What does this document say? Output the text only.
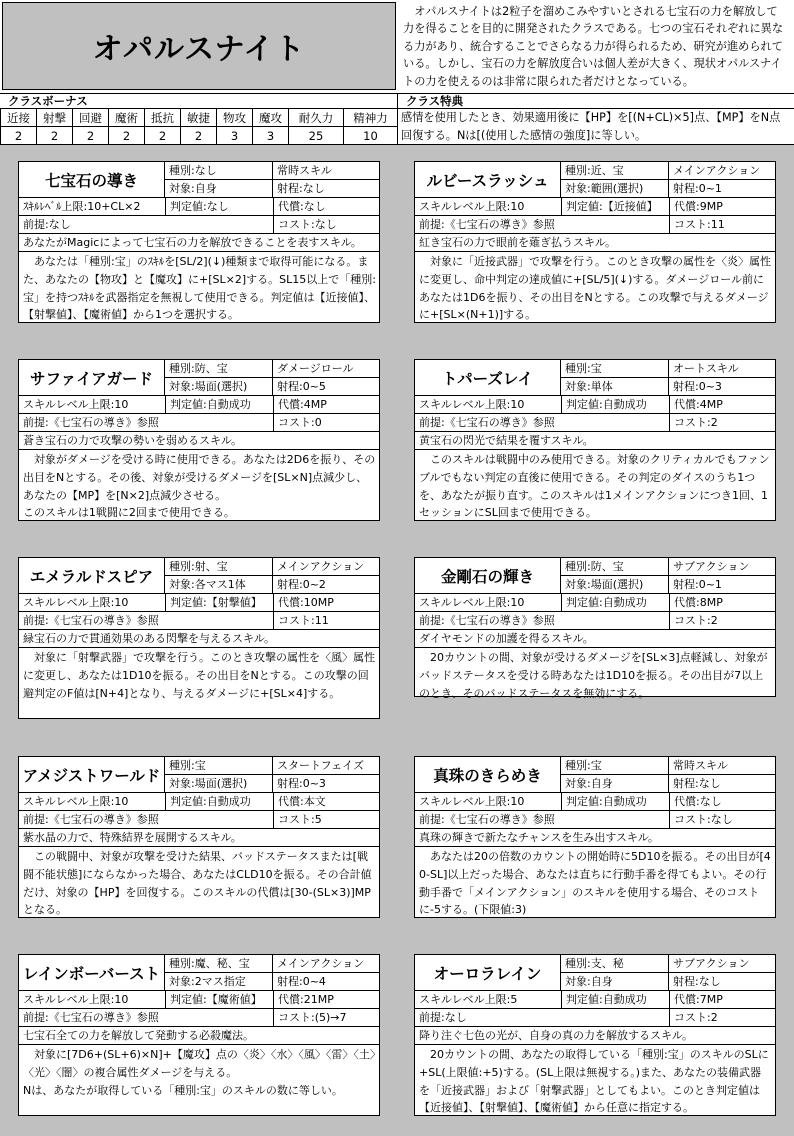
オパルスナイト
　オパルスナイトは2粒子を溜めこみやすいとされる七宝石の力を解放して力を得ることを目的に開発されたクラスである。七つの宝石それぞれに異なる力があり、統合することでさらなる力が得られるため、研究が進められている。しかし、宝石の力を解放度合いは個人差が大きく、現状オパルスナイトの力を使えるのは非常に限られた者だけとなっている。
クラスボーナス	クラス特典
近接	射撃	回避	魔術	抵抗	敏捷	物攻	魔攻	耐久力	精神力
2	2	2	2	2	2	3	3	25	10
感情を使用したとき、効果適用後に【HP】を[(N+CL)×5]点、【MP】をN点回復する。Nは[(使用した感情の強度]に等しい。
七宝石の導き
種別:なし	常時スキル
対象:自身	射程:なし
ｽｷﾙﾚﾍﾞﾙ上限:10+CL×2	判定値:なし	代償:なし
前提:なし	コスト:なし
あなたがMagicによって七宝石の力を解放できることを表すスキル。
　あなたは「種別:宝」のｽｷﾙを[SL/2](↓)種類まで取得可能になる。また、あなたの【物攻】と【魔攻】に+[SL×2]する。SL15以上で「種別:宝」を持つｽｷﾙを武器指定を無視して使用できる。判定値は【近接値】、【射撃値】、【魔術値】から1つを選択する。
ルビースラッシュ
種別:近、宝	メインアクション
対象:範囲(選択)	射程:0~1
スキルレベル上限:10	判定値:【近接値】	代償:9MP
前提:《七宝石の導き》参照	コスト:11
紅き宝石の力で眼前を薙ぎ払うスキル。
　対象に「近接武器」で攻撃を行う。このとき攻撃の属性を〈炎〉属性に変更し、命中判定の達成値に+[SL/5](↓)する。ダメージロール前にあなたは1D6を振り、その出目をNとする。この攻撃で与えるダメージに+[SL×(N+1)]する。
サファイアガード
種別:防、宝	ダメージロール
対象:場面(選択)	射程:0~5
スキルレベル上限:10	判定値:自動成功	代償:4MP
前提:《七宝石の導き》参照	コスト:0
蒼き宝石の力で攻撃の勢いを弱めるスキル。
　対象がダメージを受ける時に使用できる。あなたは2D6を振り、その出目をNとする。その後、対象が受けるダメージを[SL×N]点減少し、あなたの【MP】を[N×2]点減少させる。
このスキルは1戦闘に2回まで使用できる。
トパーズレイ
種別:宝	オートスキル
対象:単体	射程:0~3
スキルレベル上限:10	判定値:自動成功	代償:4MP
前提:《七宝石の導き》参照	コスト:2
黄宝石の閃光で結果を覆すスキル。
　このスキルは戦闘中のみ使用できる。対象のクリティカルでもファンブルでもない判定の直後に使用できる。その判定のダイスのうち1つを、あなたが振り直す。このスキルは1メインアクションにつき1回、1セッションにSL回まで使用できる。
エメラルドスピア
種別:射、宝	メインアクション
対象:各マス1体	射程:0~2
スキルレベル上限:10	判定値:【射撃値】	代償:10MP
前提:《七宝石の導き》参照	コスト:11
緑宝石の力で貫通効果のある閃撃を与えるスキル。
　対象に「射撃武器」で攻撃を行う。このとき攻撃の属性を〈風〉属性に変更し、あなたは1D10を振る。その出目をNとする。この攻撃の回避判定のF値は[N+4]となり、与えるダメージに+[SL×4]する。
金剛石の輝き
種別:防、宝	サブアクション
対象:場面(選択)	射程:0~1
スキルレベル上限:10	判定値:自動成功	代償:8MP
前提:《七宝石の導き》参照	コスト:2
ダイヤモンドの加護を得るスキル。
　20カウントの間、対象が受けるダメージを[SL×3]点軽減し、対象がバッドステータスを受ける時あなたは1D10を振る。その出目が7以上のとき、そのバッドステータスを無効にする。
アメジストワールド
種別:宝	スタートフェイズ
対象:場面(選択)	射程:0~3
スキルレベル上限:10	判定値:自動成功	代償:本文
前提:《七宝石の導き》参照	コスト:5
紫水晶の力で、特殊結界を展開するスキル。
　この戦闘中、対象が攻撃を受けた結果、バッドステータスまたは[戦闘不能状態]にならなかった場合、あなたはCLD10を振る。その合計値だけ、対象の【HP】を回復する。このスキルの代償は[30-(SL×3)]MPとなる。
真珠のきらめき
種別:宝	常時スキル
対象:自身	射程:なし
スキルレベル上限:10	判定値:自動成功	代償:なし
前提:《七宝石の導き》参照	コスト:なし
真珠の輝きで新たなチャンスを生み出すスキル。
　あなたは20の倍数のカウントの開始時に5D10を振る。その出目が[40-SL]以上だった場合、あなたは直ちに行動手番を得てもよい。その行動手番で「メインアクション」のスキルを使用する場合、そのコストに-5する。(下限値:3)
レインボーバースト
種別:魔、秘、宝	メインアクション
対象:2マス指定	射程:0~4
スキルレベル上限:10	判定値:【魔術値】	代償:21MP
前提:《七宝石の導き》参照	コスト:(5)→7
七宝石全ての力を解放して発動する必殺魔法。
　対象に[7D6+(SL+6)×N]+【魔攻】点の〈炎〉〈水〉〈風〉〈雷〉〈土〉〈光〉〈闇〉の複合属性ダメージを与える。
Nは、あなたが取得している「種別:宝」のスキルの数に等しい。
オーロラレイン
種別:支、秘	サブアクション
対象:自身	射程:なし
スキルレベル上限:5	判定値:自動成功	代償:7MP
前提:なし	コスト:2
降り注ぐ七色の光が、自身の真の力を解放するスキル。
　20カウントの間、あなたの取得している「種別:宝」のスキルのSLに+SL(上限値:+5)する。(SL上限は無視する。)また、あなたの装備武器を「近接武器」および「射撃武器」としてもよい。このとき判定値は【近接値】、【射撃値】、【魔術値】から任意に指定する。
